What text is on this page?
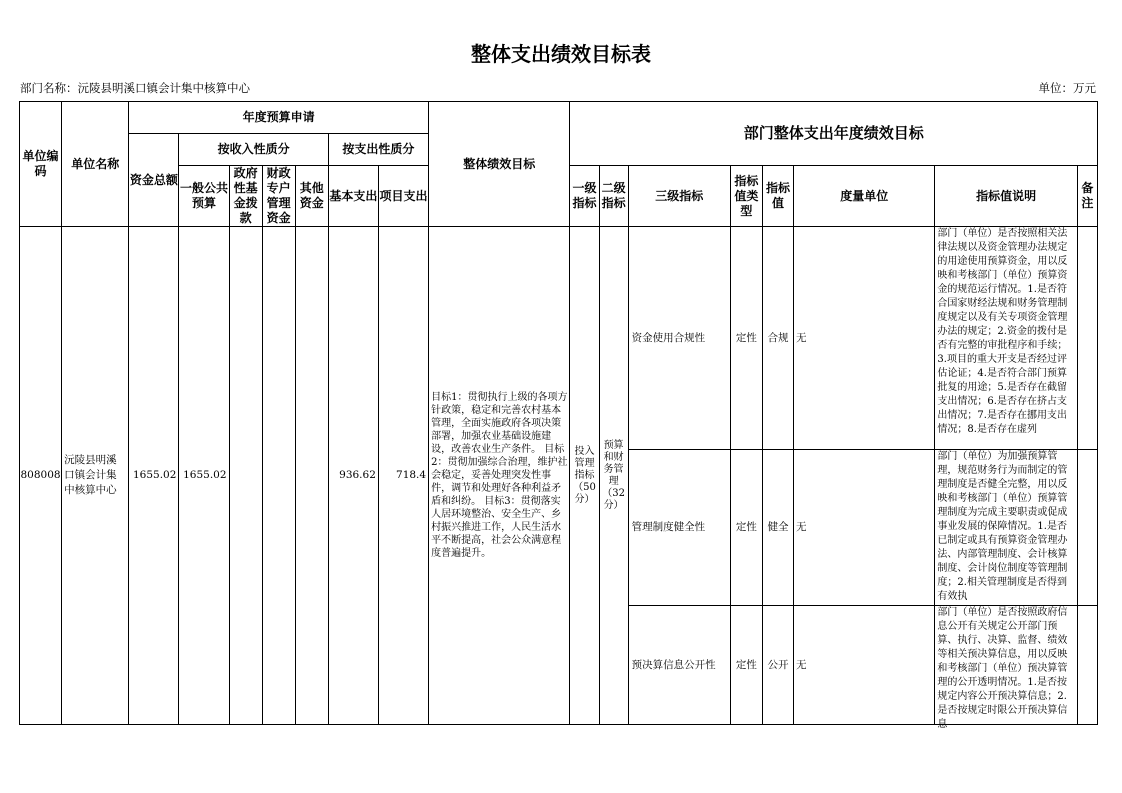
整体支出绩效目标表
部门名称：沅陵县明溪口镇会计集中核算中心	单位：万元
单位编码	单位名称	年度预算申请							整体绩效目标	部门整体支出年度绩效目标							
		资金总额	按收入性质分				按支出性质分										
			一般公共预算	政府性基金拨款	财政专户管理资金	其他资金	基本支出	项目支出		一级指标	二级指标	三级指标	指标值类型	指标值	度量单位	指标值说明	备注

808008	沅陵县明溪口镇会计集中核算中心	1655.02	1655.02				936.62	718.4	目标1：贯彻执行上级的各项方针政策，稳定和完善农村基本管理，全面实施政府各项决策部署，加强农业基础设施建设，改善农业生产条件。 目标2：贯彻加强综合治理，维护社会稳定，妥善处理突发性事件，调节和处理好各种利益矛盾和纠纷。 目标3：贯彻落实人居环境整治、安全生产、乡村振兴推进工作，人民生活水平不断提高，社会公众满意程度普遍提升。	投入管理指标（50分）	预算和财务管理（32分）	资金使用合规性	定性	合规	无	部门（单位）是否按照相关法律法规以及资金管理办法规定的用途使用预算资金，用以反映和考核部门（单位）预算资金的规范运行情况。1.是否符合国家财经法规和财务管理制度规定以及有关专项资金管理办法的规定；2.资金的拨付是否有完整的审批程序和手续；3.项目的重大开支是否经过评估论证；4.是否符合部门预算批复的用途；5.是否存在截留支出情况；6.是否存在挤占支出情况；7.是否存在挪用支出情况；8.是否存在虚列	

												管理制度健全性	定性	健全	无	部门（单位）为加强预算管理，规范财务行为而制定的管理制度是否健全完整，用以反映和考核部门（单位）预算管理制度为完成主要职责或促成事业发展的保障情况。1.是否已制定或具有预算资金管理办法、内部管理制度、会计核算制度、会计岗位制度等管理制度；2.相关管理制度是否得到有效执	

												预决算信息公开性	定性	公开	无	部门（单位）是否按照政府信息公开有关规定公开部门预算、执行、决算、监督、绩效等相关预决算信息，用以反映和考核部门（单位）预决算管理的公开透明情况。1.是否按规定内容公开预决算信息；2.是否按规定时限公开预决算信息	
